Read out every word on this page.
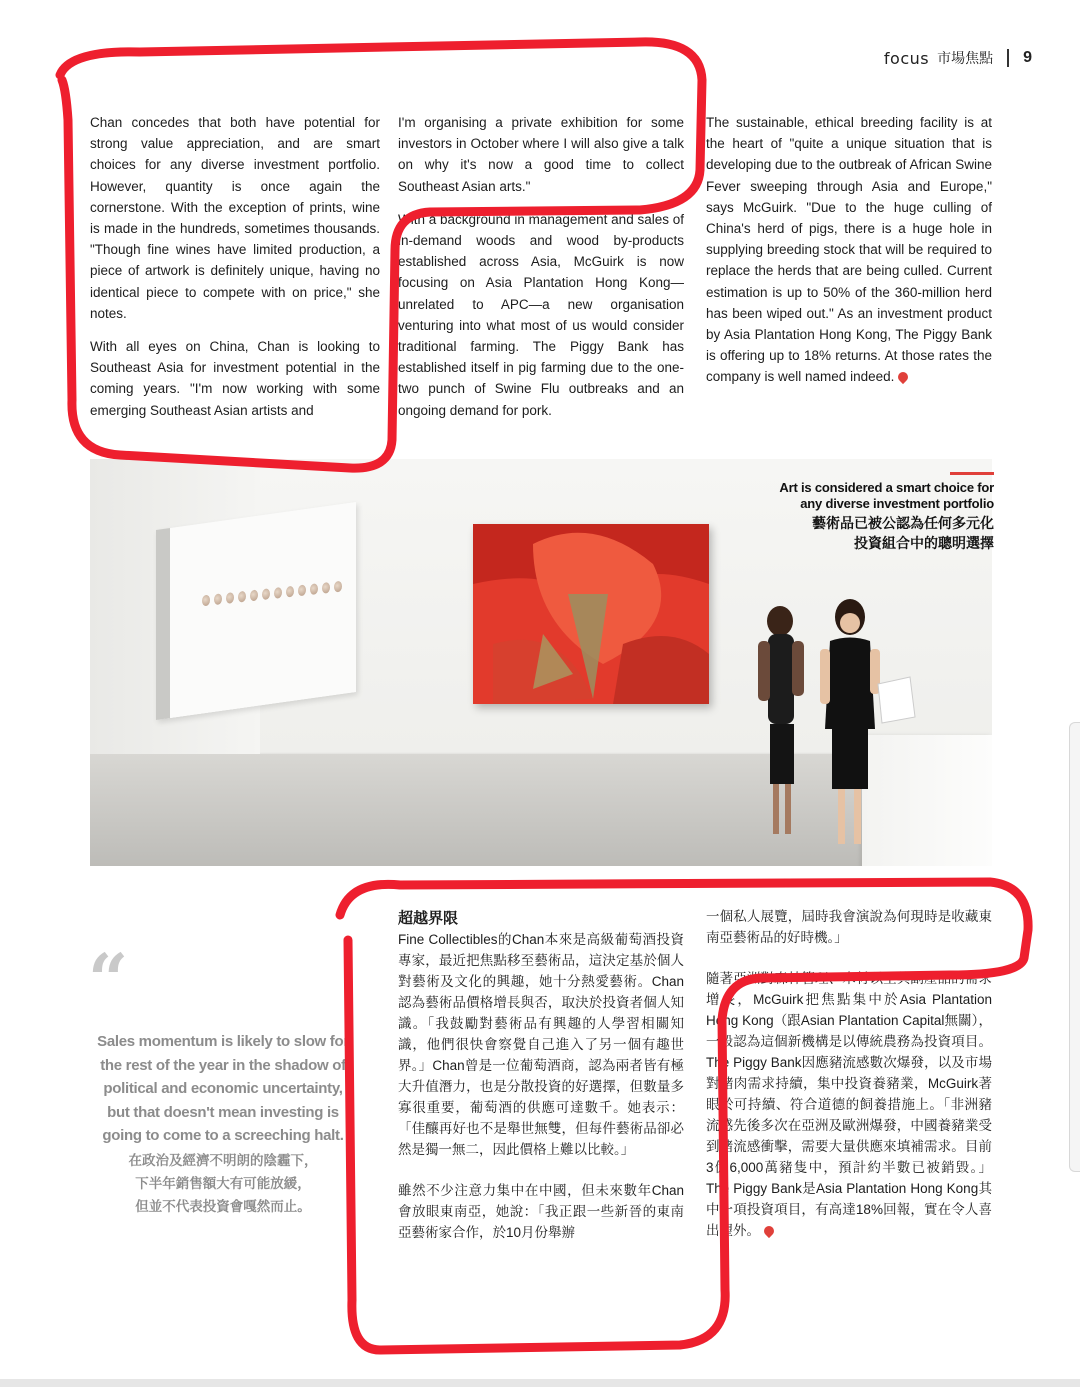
focus 市場焦點 9

Chan concedes that both have potential for strong value appreciation, and are smart choices for any diverse investment portfolio. However, quantity is once again the cornerstone. With the exception of prints, wine is made in the hundreds, sometimes thousands. "Though fine wines have limited production, a piece of artwork is definitely unique, having no identical piece to compete with on price," she notes.

With all eyes on China, Chan is looking to Southeast Asia for investment potential in the coming years. "I'm now working with some emerging Southeast Asian artists and

I'm organising a private exhibition for some investors in October where I will also give a talk on why it's now a good time to collect Southeast Asian arts."

With a background in management and sales of in-demand woods and wood by-products established across Asia, McGuirk is now focusing on Asia Plantation Hong Kong—unrelated to APC—a new organisation venturing into what most of us would consider traditional farming. The Piggy Bank has established itself in pig farming due to the one-two punch of Swine Flu outbreaks and an ongoing demand for pork.

The sustainable, ethical breeding facility is at the heart of "quite a unique situation that is developing due to the outbreak of African Swine Fever sweeping through Asia and Europe," says McGuirk. "Due to the huge culling of China's herd of pigs, there is a huge hole in supplying breeding stock that will be required to replace the herds that are being culled. Current estimation is up to 50% of the 360-million herd has been wiped out." As an investment product by Asia Plantation Hong Kong, The Piggy Bank is offering up to 18% returns. At those rates the company is well named indeed.

Art is considered a smart choice for any diverse investment portfolio
藝術品已被公認為任何多元化
投資組合中的聰明選擇
“
Sales momentum is likely to slow for the rest of the year in the shadow of political and economic uncertainty, but that doesn't mean investing is going to come to a screeching halt.
在政治及經濟不明朗的陰霾下，
下半年銷售額大有可能放緩，
但並不代表投資會嘎然而止。

超越界限

Fine Collectibles的Chan本來是高級葡萄酒投資專家，最近把焦點移至藝術品，這決定基於個人對藝術及文化的興趣，她十分熱愛藝術。Chan認為藝術品價格增長與否，取決於投資者個人知識。「我鼓勵對藝術品有興趣的人學習相關知識，他們很快會察覺自己進入了另一個有趣世界。」Chan曾是一位葡萄酒商，認為兩者皆有極大升值潛力，也是分散投資的好選擇，但數量多寡很重要，葡萄酒的供應可達數千。她表示：「佳釀再好也不是舉世無雙，但每件藝術品卻必然是獨一無二，因此價格上難以比較。」

雖然不少注意力集中在中國，但未來數年Chan會放眼東南亞，她說：「我正跟一些新晉的東南亞藝術家合作，於10月份舉辦

一個私人展覽，屆時我會演說為何現時是收藏東南亞藝術品的好時機。」

隨著亞洲對森林管理、木材以至其副產品的需求增長，McGuirk把焦點集中於Asia Plantation Hong Kong（跟Asian Plantation Capital無關），一般認為這個新機構是以傳統農務為投資項目。The Piggy Bank因應豬流感數次爆發，以及市場對豬肉需求持續，集中投資養豬業，McGuirk著眼於可持續、符合道德的飼養措施上。「非洲豬流感先後多次在亞洲及歐洲爆發，中國養豬業受到豬流感衝擊，需要大量供應來填補需求。目前3億6,000萬豬隻中，預計約半數已被銷毀。」The Piggy Bank是Asia Plantation Hong Kong其中一項投資項目，有高達18%回報，實在令人喜出望外。
